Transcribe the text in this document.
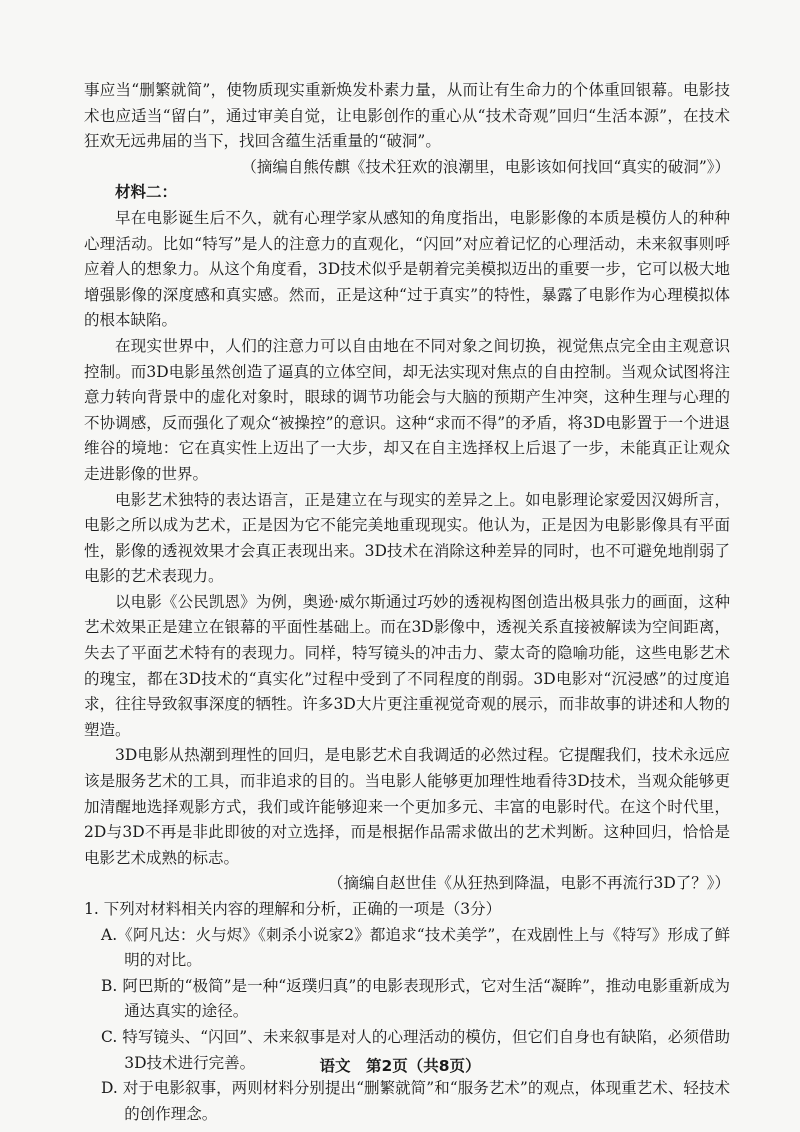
事应当“删繁就简”，使物质现实重新焕发朴素力量，从而让有生命力的个体重回银幕。电影技术也应适当“留白”，通过审美自觉，让电影创作的重心从“技术奇观”回归“生活本源”，在技术狂欢无远弗届的当下，找回含蕴生活重量的“破洞”。

（摘编自熊传麒《技术狂欢的浪潮里，电影该如何找回“真实的破洞”》）

材料二：

早在电影诞生后不久，就有心理学家从感知的角度指出，电影影像的本质是模仿人的种种心理活动。比如“特写”是人的注意力的直观化，“闪回”对应着记忆的心理活动，未来叙事则呼应着人的想象力。从这个角度看，3D技术似乎是朝着完美模拟迈出的重要一步，它可以极大地增强影像的深度感和真实感。然而，正是这种“过于真实”的特性，暴露了电影作为心理模拟体的根本缺陷。

在现实世界中，人们的注意力可以自由地在不同对象之间切换，视觉焦点完全由主观意识控制。而3D电影虽然创造了逼真的立体空间，却无法实现对焦点的自由控制。当观众试图将注意力转向背景中的虚化对象时，眼球的调节功能会与大脑的预期产生冲突，这种生理与心理的不协调感，反而强化了观众“被操控”的意识。这种“求而不得”的矛盾，将3D电影置于一个进退维谷的境地：它在真实性上迈出了一大步，却又在自主选择权上后退了一步，未能真正让观众走进影像的世界。

电影艺术独特的表达语言，正是建立在与现实的差异之上。如电影理论家爱因汉姆所言，电影之所以成为艺术，正是因为它不能完美地重现现实。他认为，正是因为电影影像具有平面性，影像的透视效果才会真正表现出来。3D技术在消除这种差异的同时，也不可避免地削弱了电影的艺术表现力。

以电影《公民凯恩》为例，奥逊·威尔斯通过巧妙的透视构图创造出极具张力的画面，这种艺术效果正是建立在银幕的平面性基础上。而在3D影像中，透视关系直接被解读为空间距离，失去了平面艺术特有的表现力。同样，特写镜头的冲击力、蒙太奇的隐喻功能，这些电影艺术的瑰宝，都在3D技术的“真实化”过程中受到了不同程度的削弱。3D电影对“沉浸感”的过度追求，往往导致叙事深度的牺牲。许多3D大片更注重视觉奇观的展示，而非故事的讲述和人物的塑造。

3D电影从热潮到理性的回归，是电影艺术自我调适的必然过程。它提醒我们，技术永远应该是服务艺术的工具，而非追求的目的。当电影人能够更加理性地看待3D技术，当观众能够更加清醒地选择观影方式，我们或许能够迎来一个更加多元、丰富的电影时代。在这个时代里，2D与3D不再是非此即彼的对立选择，而是根据作品需求做出的艺术判断。这种回归，恰恰是电影艺术成熟的标志。

（摘编自赵世佳《从狂热到降温，电影不再流行3D了？》）

1. 下列对材料相关内容的理解和分析，正确的一项是（3分）

A.《阿凡达：火与烬》《刺杀小说家2》都追求“技术美学”，在戏剧性上与《特写》形成了鲜明的对比。

B. 阿巴斯的“极简”是一种“返璞归真”的电影表现形式，它对生活“凝眸”，推动电影重新成为通达真实的途径。

C. 特写镜头、“闪回”、未来叙事是对人的心理活动的模仿，但它们自身也有缺陷，必须借助3D技术进行完善。

D. 对于电影叙事，两则材料分别提出“删繁就简”和“服务艺术”的观点，体现重艺术、轻技术的创作理念。

语文　第2页（共8页）
